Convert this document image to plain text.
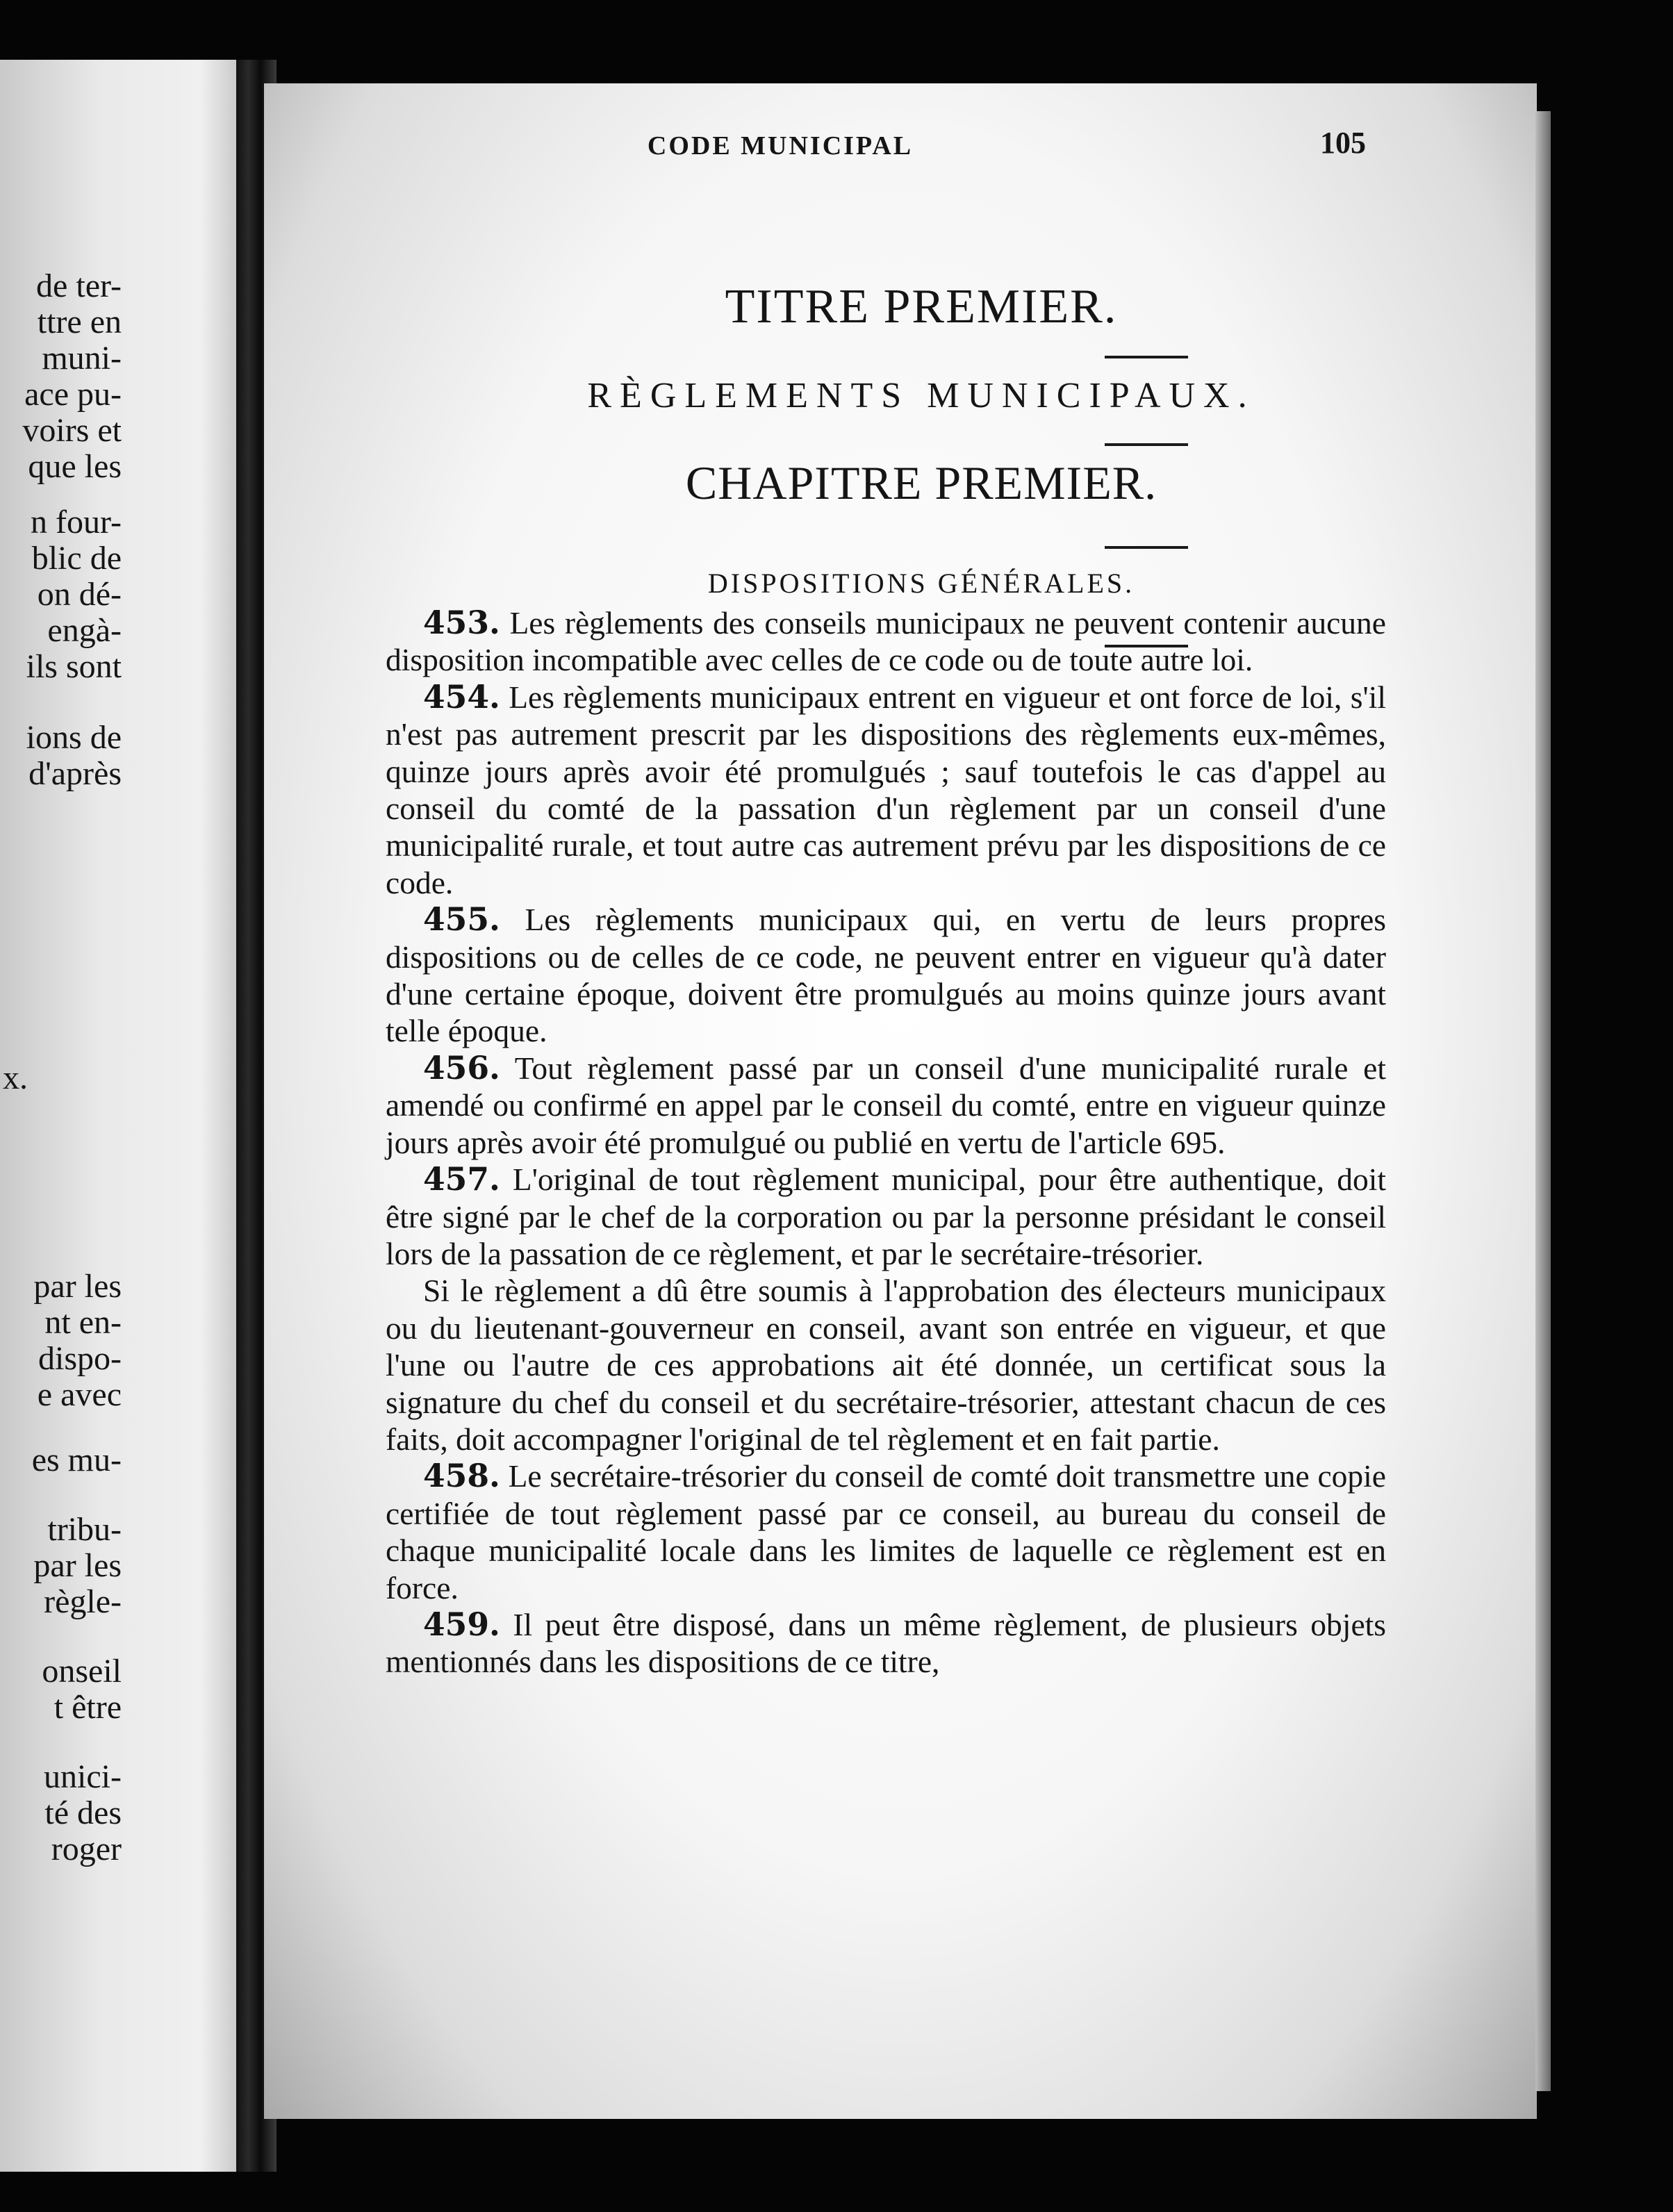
de ter-
ttre en
muni-
ace pu-
voirs et
que les
n four-
blic de
on dé-
engà-
ils sont
ions de
d'après
x.
par les
nt en-
dispo-
e avec
es mu-
tribu-
par les
règle-
onseil
t être
unici-
té des
roger
TITRE PREMIER.
RÈGLEMENTS MUNICIPAUX.
CHAPITRE PREMIER.
DISPOSITIONS GÉNÉRALES.
CODE MUNICIPAL	105

453. Les règlements des conseils municipaux ne peuvent contenir aucune disposition incompatible avec celles de ce code ou de toute autre loi.

454. Les règlements municipaux entrent en vigueur et ont force de loi, s'il n'est pas autrement prescrit par les dispositions des règlements eux-mêmes, quinze jours après avoir été promulgués ; sauf toutefois le cas d'appel au conseil du comté de la passation d'un règlement par un conseil d'une municipalité rurale, et tout autre cas autrement prévu par les dispositions de ce code.

455. Les règlements municipaux qui, en vertu de leurs propres dispositions ou de celles de ce code, ne peuvent entrer en vigueur qu'à dater d'une certaine époque, doivent être promulgués au moins quinze jours avant telle époque.

456. Tout règlement passé par un conseil d'une municipalité rurale et amendé ou confirmé en appel par le conseil du comté, entre en vigueur quinze jours après avoir été promulgué ou publié en vertu de l'article 695.

457. L'original de tout règlement municipal, pour être authentique, doit être signé par le chef de la corporation ou par la personne présidant le conseil lors de la passation de ce règlement, et par le secrétaire-trésorier.

Si le règlement a dû être soumis à l'approbation des électeurs municipaux ou du lieutenant-gouverneur en conseil, avant son entrée en vigueur, et que l'une ou l'autre de ces approbations ait été donnée, un certificat sous la signature du chef du conseil et du secrétaire-trésorier, attestant chacun de ces faits, doit accompagner l'original de tel règlement et en fait partie.

458. Le secrétaire-trésorier du conseil de comté doit transmettre une copie certifiée de tout règlement passé par ce conseil, au bureau du conseil de chaque municipalité locale dans les limites de laquelle ce règlement est en force.

459. Il peut être disposé, dans un même règlement, de plusieurs objets mentionnés dans les dispositions de ce titre,
